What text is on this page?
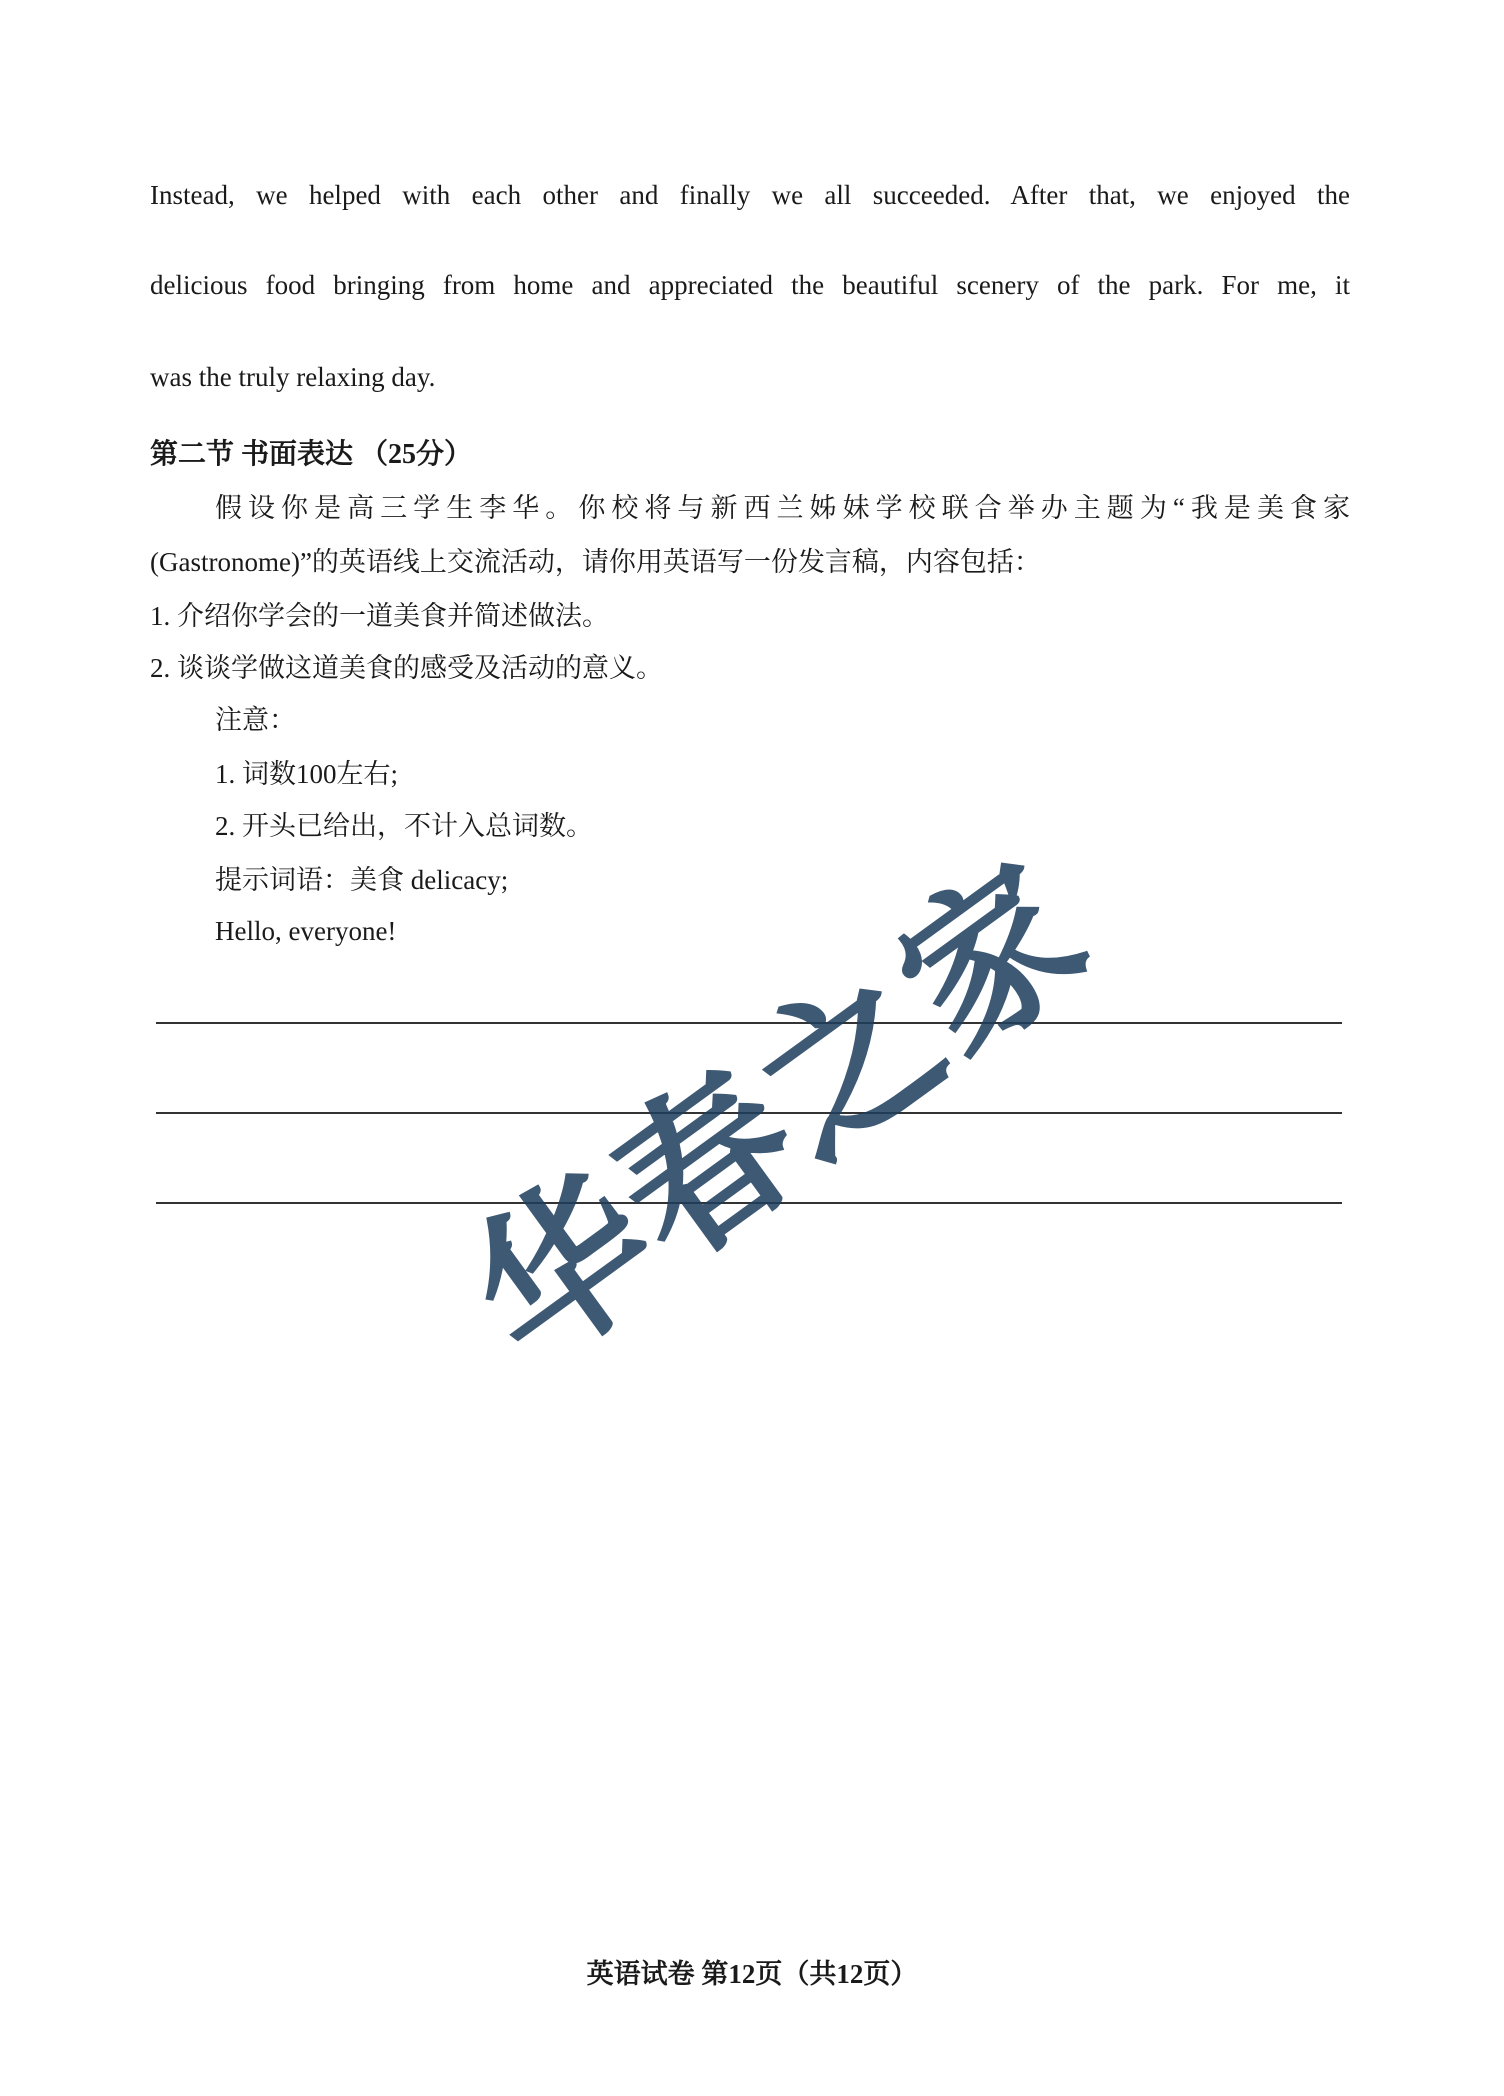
Instead, we helped with each other and finally we all succeeded. After that, we enjoyed the
delicious food bringing from home and appreciated the beautiful scenery of the park. For me, it
was the truly relaxing day.
第二节 书面表达 （25分）
假设你是高三学生李华。你校将与新西兰姊妹学校联合举办主题为“我是美食家
(Gastronome)”的英语线上交流活动，请你用英语写一份发言稿，内容包括：
1. 介绍你学会的一道美食并简述做法。
2. 谈谈学做这道美食的感受及活动的意义。
注意：
1. 词数100左右;
2. 开头已给出，不计入总词数。
提示词语：美食 delicacy;
Hello, everyone! 华春之家
英语试卷 第12页（共12页）
